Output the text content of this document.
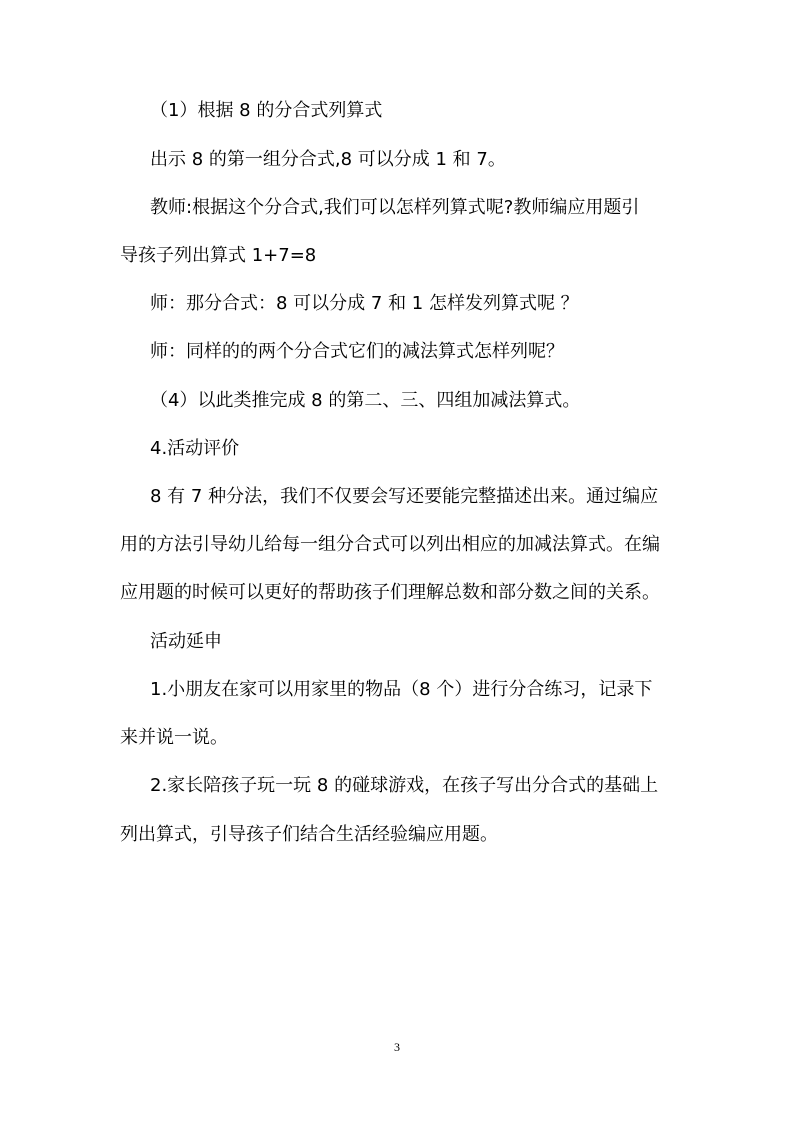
（1）根据 8 的分合式列算式
出示 8 的第一组分合式,8 可以分成 1 和 7。
教师:根据这个分合式,我们可以怎样列算式呢?教师编应用题引
导孩子列出算式 1+7=8
师：那分合式：8 可以分成 7 和 1 怎样发列算式呢 ？
师：同样的的两个分合式它们的减法算式怎样列呢？
（4）以此类推完成 8 的第二、三、四组加减法算式。
4.活动评价
8 有 7 种分法，我们不仅要会写还要能完整描述出来。通过编应
用的方法引导幼儿给每一组分合式可以列出相应的加减法算式。在编
应用题的时候可以更好的帮助孩子们理解总数和部分数之间的关系。
活动延申
1.小朋友在家可以用家里的物品（8 个）进行分合练习，记录下
来并说一说。
2.家长陪孩子玩一玩 8 的碰球游戏，在孩子写出分合式的基础上
列出算式，引导孩子们结合生活经验编应用题。
3
